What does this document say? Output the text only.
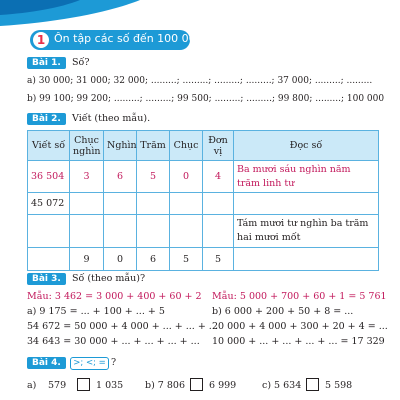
1 Ôn tập các số đến 100 000
Bài 1.	Số?
a) 30 000; 31 000; 32 000; .........; .........; .........; .........; 37 000; .........; .........
b) 99 100; 99 200; .........; .........; 99 500; .........; .........; 99 800; .........; 100 000
Bài 2.	Viết (theo mẫu).
Viết số	Chục nghìn	Nghìn	Trăm	Chục	Đơn vị	Đọc số
36 504	3	6	5	0	4	Ba mươi sáu nghìn năm trăm linh tư
45 072						
						Tám mươi tư nghìn ba trăm hai mươi mốt
	9	0	6	5	5	
Bài 3.	Số (theo mẫu)?
Mẫu: 3 462 = 3 000 + 400 + 60 + 2 Mẫu: 5 000 + 700 + 60 + 1 = 5 761
a) 9 175 = ... + 100 + ... + 5	b) 6 000 + 200 + 50 + 8 = ...
54 672 = 50 000 + 4 000 + ... + ... + ...
20 000 + 4 000 + 300 + 20 + 4 = ...
34 643 = 30 000 + ... + ... + ... + ... 10 000 + ... + ... + ... + ... = 17 329
Bài 4.	>; <; = ?
a) 579	1 035 b) 7 806	6 999	c) 5 634	5 598
